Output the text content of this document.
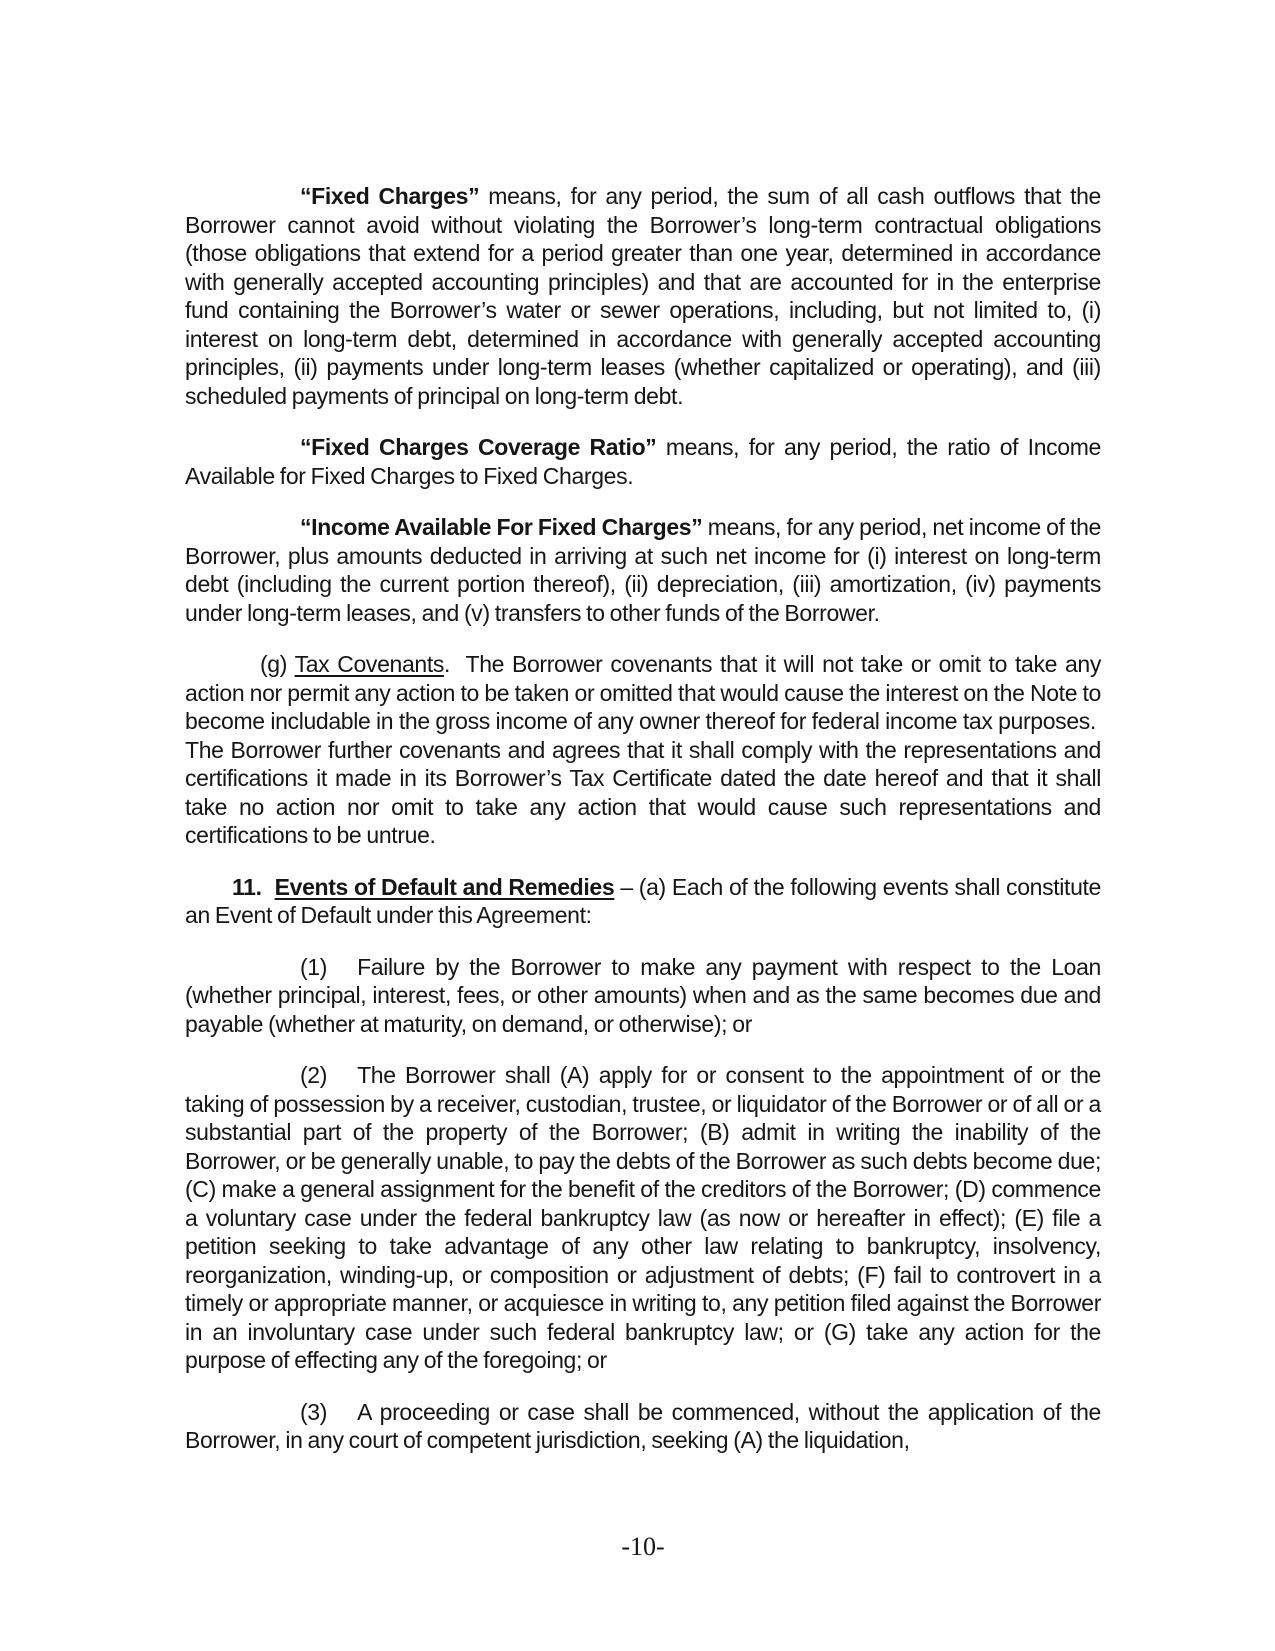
“Fixed Charges” means, for any period, the sum of all cash outflows that the Borrower cannot avoid without violating the Borrower’s long-term contractual obligations (those obligations that extend for a period greater than one year, determined in accordance with generally accepted accounting principles) and that are accounted for in the enterprise fund containing the Borrower’s water or sewer operations, including, but not limited to, (i) interest on long-term debt, determined in accordance with generally accepted accounting principles, (ii) payments under long-term leases (whether capitalized or operating), and (iii) scheduled payments of principal on long-term debt.

“Fixed Charges Coverage Ratio” means, for any period, the ratio of Income Available for Fixed Charges to Fixed Charges.

“Income Available For Fixed Charges” means, for any period, net income of the Borrower, plus amounts deducted in arriving at such net income for (i) interest on long-term debt (including the current portion thereof), (ii) depreciation, (iii) amortization, (iv) payments under long-term leases, and (v) transfers to other funds of the Borrower.

(g) Tax Covenants.  The Borrower covenants that it will not take or omit to take any action nor permit any action to be taken or omitted that would cause the interest on the Note to become includable in the gross income of any owner thereof for federal income tax purposes.  The Borrower further covenants and agrees that it shall comply with the representations and certifications it made in its Borrower’s Tax Certificate dated the date hereof and that it shall take no action nor omit to take any action that would cause such representations and certifications to be untrue.

11. Events of Default and Remedies – (a) Each of the following events shall constitute an Event of Default under this Agreement:

(1) Failure by the Borrower to make any payment with respect to the Loan (whether principal, interest, fees, or other amounts) when and as the same becomes due and payable (whether at maturity, on demand, or otherwise); or

(2) The Borrower shall (A) apply for or consent to the appointment of or the taking of possession by a receiver, custodian, trustee, or liquidator of the Borrower or of all or a substantial part of the property of the Borrower; (B) admit in writing the inability of the Borrower, or be generally unable, to pay the debts of the Borrower as such debts become due; (C) make a general assignment for the benefit of the creditors of the Borrower; (D) commence a voluntary case under the federal bankruptcy law (as now or hereafter in effect); (E) file a petition seeking to take advantage of any other law relating to bankruptcy, insolvency, reorganization, winding-up, or composition or adjustment of debts; (F) fail to controvert in a timely or appropriate manner, or acquiesce in writing to, any petition filed against the Borrower in an involuntary case under such federal bankruptcy law; or (G) take any action for the purpose of effecting any of the foregoing; or

(3) A proceeding or case shall be commenced, without the application of the Borrower, in any court of competent jurisdiction, seeking (A) the liquidation,

-10-
